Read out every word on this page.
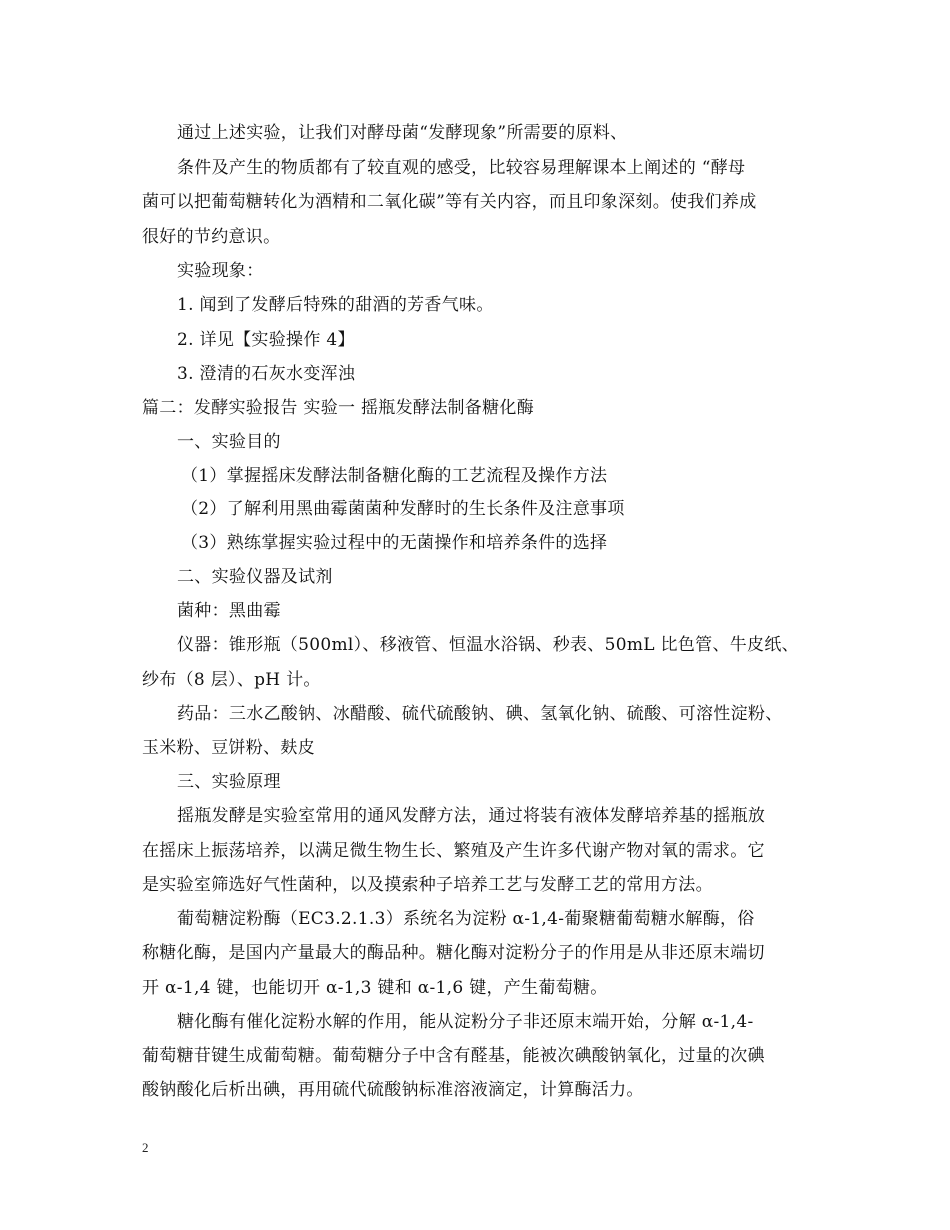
通过上述实验，让我们对酵母菌“发酵现象”所需要的原料、
条件及产生的物质都有了较直观的感受，比较容易理解课本上阐述的 “酵母
菌可以把葡萄糖转化为酒精和二氧化碳”等有关内容，而且印象深刻。使我们养成
很好的节约意识。
实验现象：
1. 闻到了发酵后特殊的甜酒的芳香气味。
2. 详见【实验操作 4】
3. 澄清的石灰水变浑浊
篇二：发酵实验报告 实验一 摇瓶发酵法制备糖化酶
一、实验目的
（1）掌握摇床发酵法制备糖化酶的工艺流程及操作方法
（2）了解利用黑曲霉菌菌种发酵时的生长条件及注意事项
（3）熟练掌握实验过程中的无菌操作和培养条件的选择
二、实验仪器及试剂
菌种：黑曲霉
仪器：锥形瓶（500ml）、移液管、恒温水浴锅、秒表、50mL 比色管、牛皮纸、
纱布（8 层）、pH 计。
药品：三水乙酸钠、冰醋酸、硫代硫酸钠、碘、氢氧化钠、硫酸、可溶性淀粉、
玉米粉、豆饼粉、麸皮
三、实验原理
摇瓶发酵是实验室常用的通风发酵方法，通过将装有液体发酵培养基的摇瓶放
在摇床上振荡培养，以满足微生物生长、繁殖及产生许多代谢产物对氧的需求。它
是实验室筛选好气性菌种，以及摸索种子培养工艺与发酵工艺的常用方法。
葡萄糖淀粉酶（EC3.2.1.3）系统名为淀粉 α-1,4-葡聚糖葡萄糖水解酶，俗
称糖化酶，是国内产量最大的酶品种。糖化酶对淀粉分子的作用是从非还原末端切
开 α-1,4 键，也能切开 α-1,3 键和 α-1,6 键，产生葡萄糖。
糖化酶有催化淀粉水解的作用，能从淀粉分子非还原末端开始，分解 α-1,4-
葡萄糖苷键生成葡萄糖。葡萄糖分子中含有醛基，能被次碘酸钠氧化，过量的次碘
酸钠酸化后析出碘，再用硫代硫酸钠标准溶液滴定，计算酶活力。
2
